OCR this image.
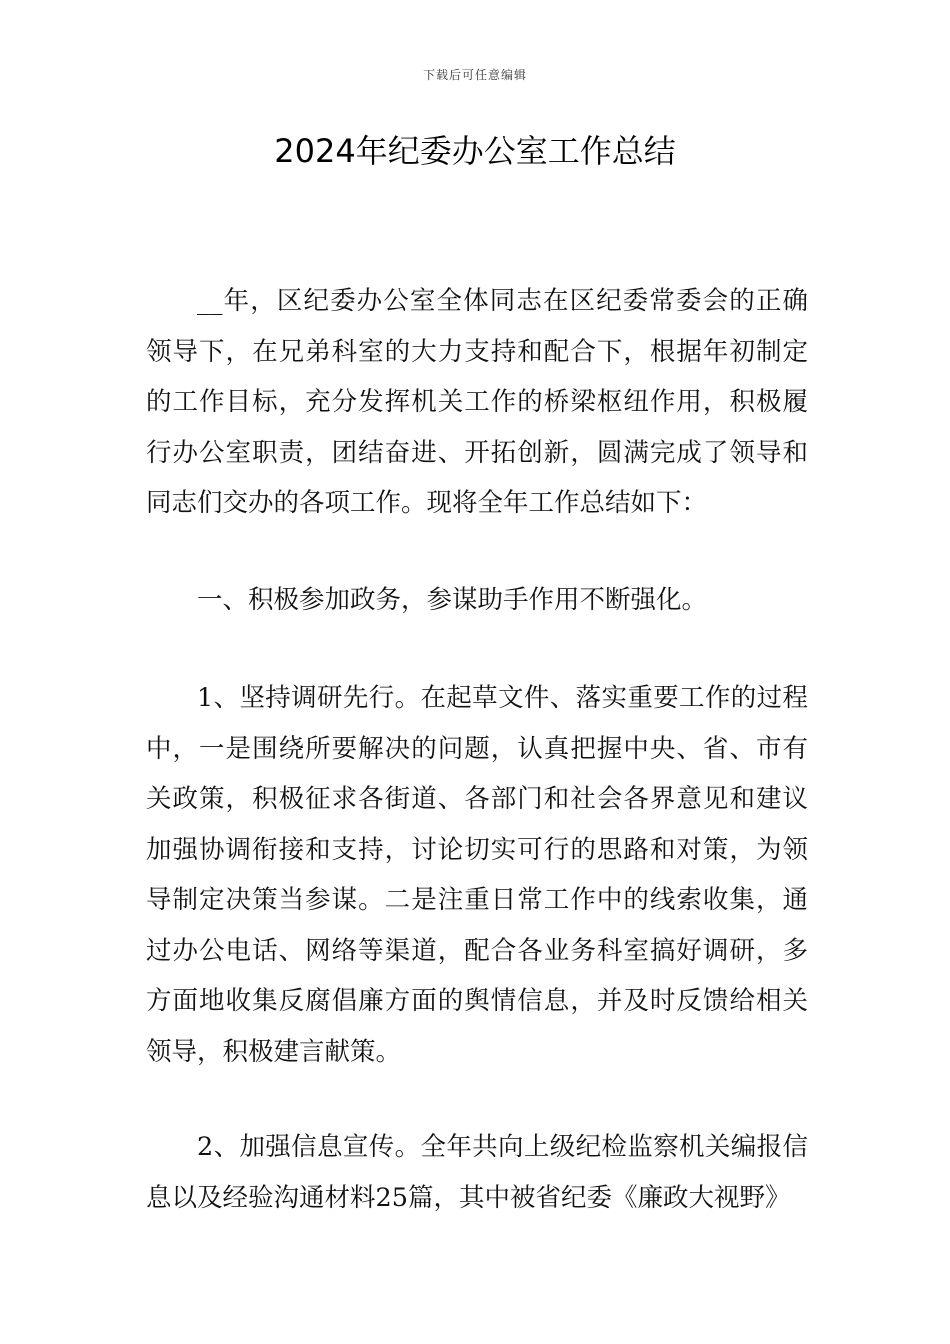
下载后可任意编辑
2024年纪委办公室工作总结

__年，区纪委办公室全体同志在区纪委常委会的正确领导下，在兄弟科室的大力支持和配合下，根据年初制定的工作目标，充分发挥机关工作的桥梁枢纽作用，积极履行办公室职责，团结奋进、开拓创新，圆满完成了领导和同志们交办的各项工作。现将全年工作总结如下：

一、积极参加政务，参谋助手作用不断强化。

1、坚持调研先行。在起草文件、落实重要工作的过程中，一是围绕所要解决的问题，认真把握中央、省、市有关政策，积极征求各街道、各部门和社会各界意见和建议加强协调衔接和支持，讨论切实可行的思路和对策，为领导制定决策当参谋。二是注重日常工作中的线索收集，通过办公电话、网络等渠道，配合各业务科室搞好调研，多方面地收集反腐倡廉方面的舆情信息，并及时反馈给相关领导，积极建言献策。

2、加强信息宣传。全年共向上级纪检监察机关编报信息以及经验沟通材料25篇，其中被省纪委《廉政大视野》
